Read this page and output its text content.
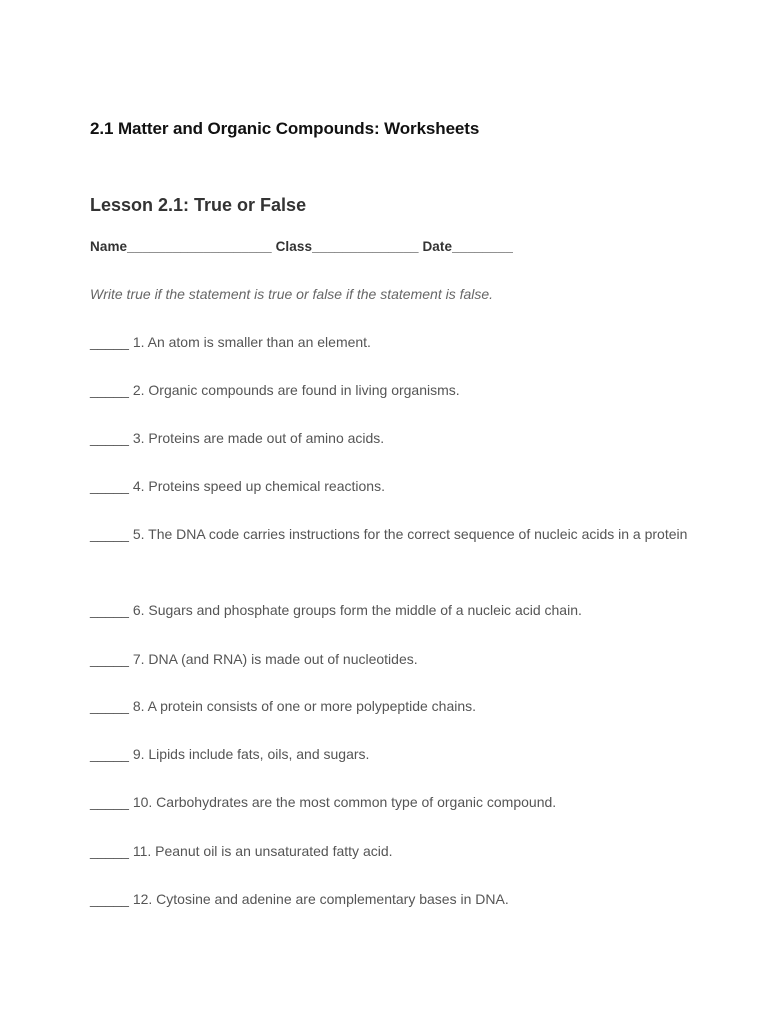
2.1 Matter and Organic Compounds: Worksheets
Lesson 2.1: True or False
Name___________________ Class______________ Date________
Write true if the statement is true or false if the statement is false.
_____ 1. An atom is smaller than an element.
_____ 2. Organic compounds are found in living organisms.
_____ 3. Proteins are made out of amino acids.
_____ 4. Proteins speed up chemical reactions.
_____ 5. The DNA code carries instructions for the correct sequence of nucleic acids in a protein
_____ 6. Sugars and phosphate groups form the middle of a nucleic acid chain.
_____ 7. DNA (and RNA) is made out of nucleotides.
_____ 8. A protein consists of one or more polypeptide chains.
_____ 9. Lipids include fats, oils, and sugars.
_____ 10. Carbohydrates are the most common type of organic compound.
_____ 11. Peanut oil is an unsaturated fatty acid.
_____ 12. Cytosine and adenine are complementary bases in DNA.
